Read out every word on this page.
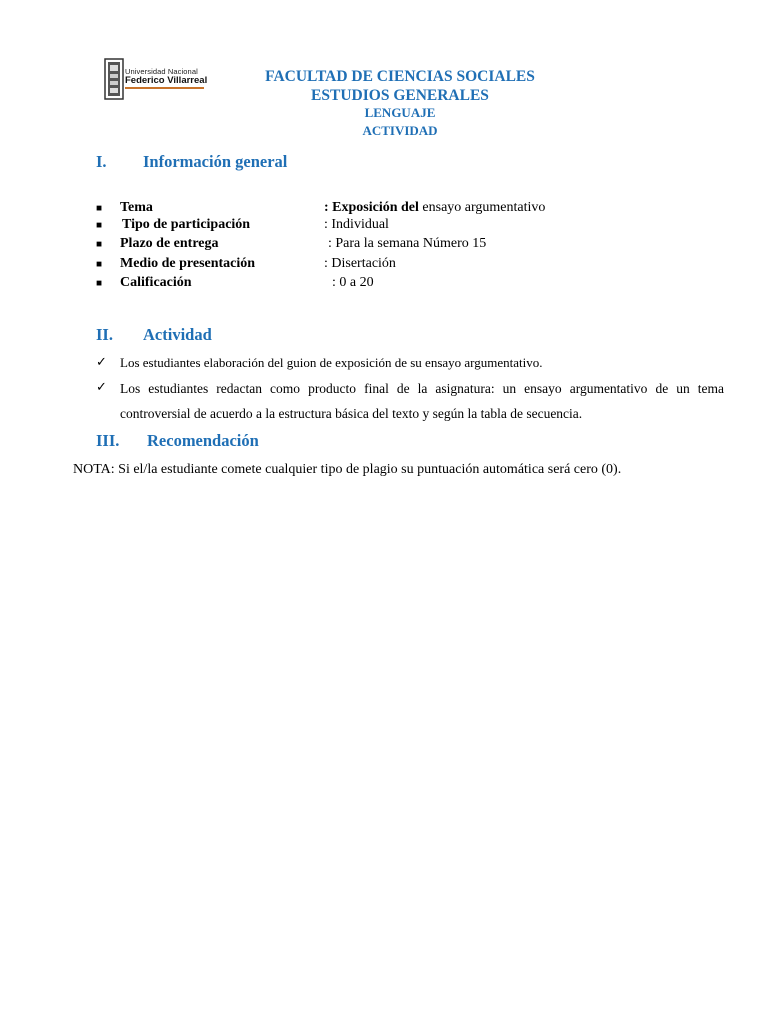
Universidad Nacional
Federico Villarreal	FACULTAD DE CIENCIAS SOCIALES
ESTUDIOS GENERALES
LENGUAJE
ACTIVIDAD
I. Información general
■ Tema	: Exposición del ensayo argumentativo
■ Tipo de participación	: Individual
■ Plazo de entrega	: Para la semana Número 15
■ Medio de presentación	: Disertación
■ Calificación	: 0 a 20
II. Actividad
✓ Los estudiantes elaboración del guion de exposición de su ensayo argumentativo.
✓ Los estudiantes redactan como producto final de la asignatura: un ensayo argumentativo de un tema controversial de acuerdo a la estructura básica del texto y según la tabla de secuencia.
III. Recomendación
NOTA: Si el/la estudiante comete cualquier tipo de plagio su puntuación automática será cero (0).
